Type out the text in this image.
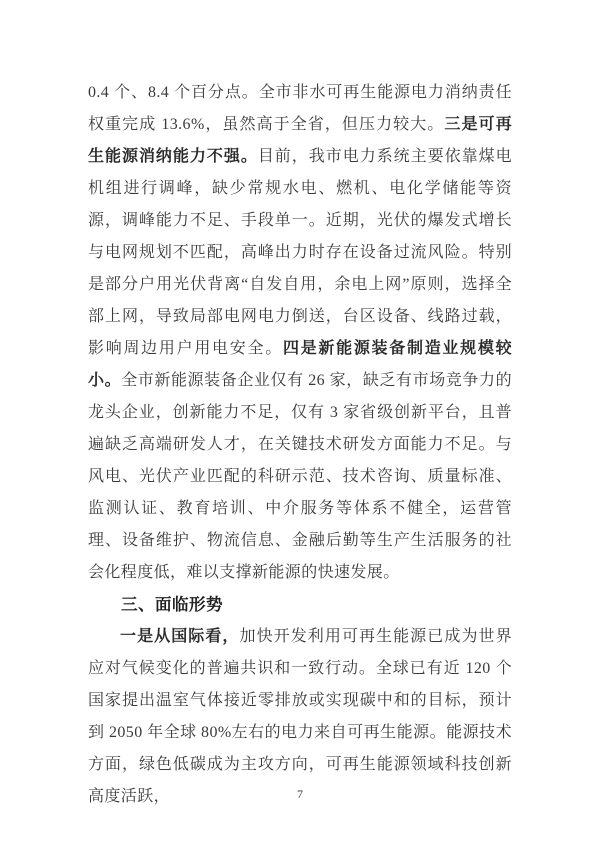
0.4 个、8.4 个百分点。全市非水可再生能源电力消纳责任权重完成 13.6%，虽然高于全省，但压力较大。三是可再生能源消纳能力不强。目前，我市电力系统主要依靠煤电机组进行调峰，缺少常规水电、燃机、电化学储能等资源，调峰能力不足、手段单一。近期，光伏的爆发式增长与电网规划不匹配，高峰出力时存在设备过流风险。特别是部分户用光伏背离“自发自用，余电上网”原则，选择全部上网，导致局部电网电力倒送，台区设备、线路过载，影响周边用户用电安全。四是新能源装备制造业规模较小。全市新能源装备企业仅有 26 家，缺乏有市场竞争力的龙头企业，创新能力不足，仅有 3 家省级创新平台，且普遍缺乏高端研发人才，在关键技术研发方面能力不足。与风电、光伏产业匹配的科研示范、技术咨询、质量标准、监测认证、教育培训、中介服务等体系不健全，运营管理、设备维护、物流信息、金融后勤等生产生活服务的社会化程度低，难以支撑新能源的快速发展。

三、面临形势

一是从国际看，加快开发利用可再生能源已成为世界应对气候变化的普遍共识和一致行动。全球已有近 120 个国家提出温室气体接近零排放或实现碳中和的目标，预计到 2050 年全球 80%左右的电力来自可再生能源。能源技术方面，绿色低碳成为主攻方向，可再生能源领域科技创新高度活跃，	7
